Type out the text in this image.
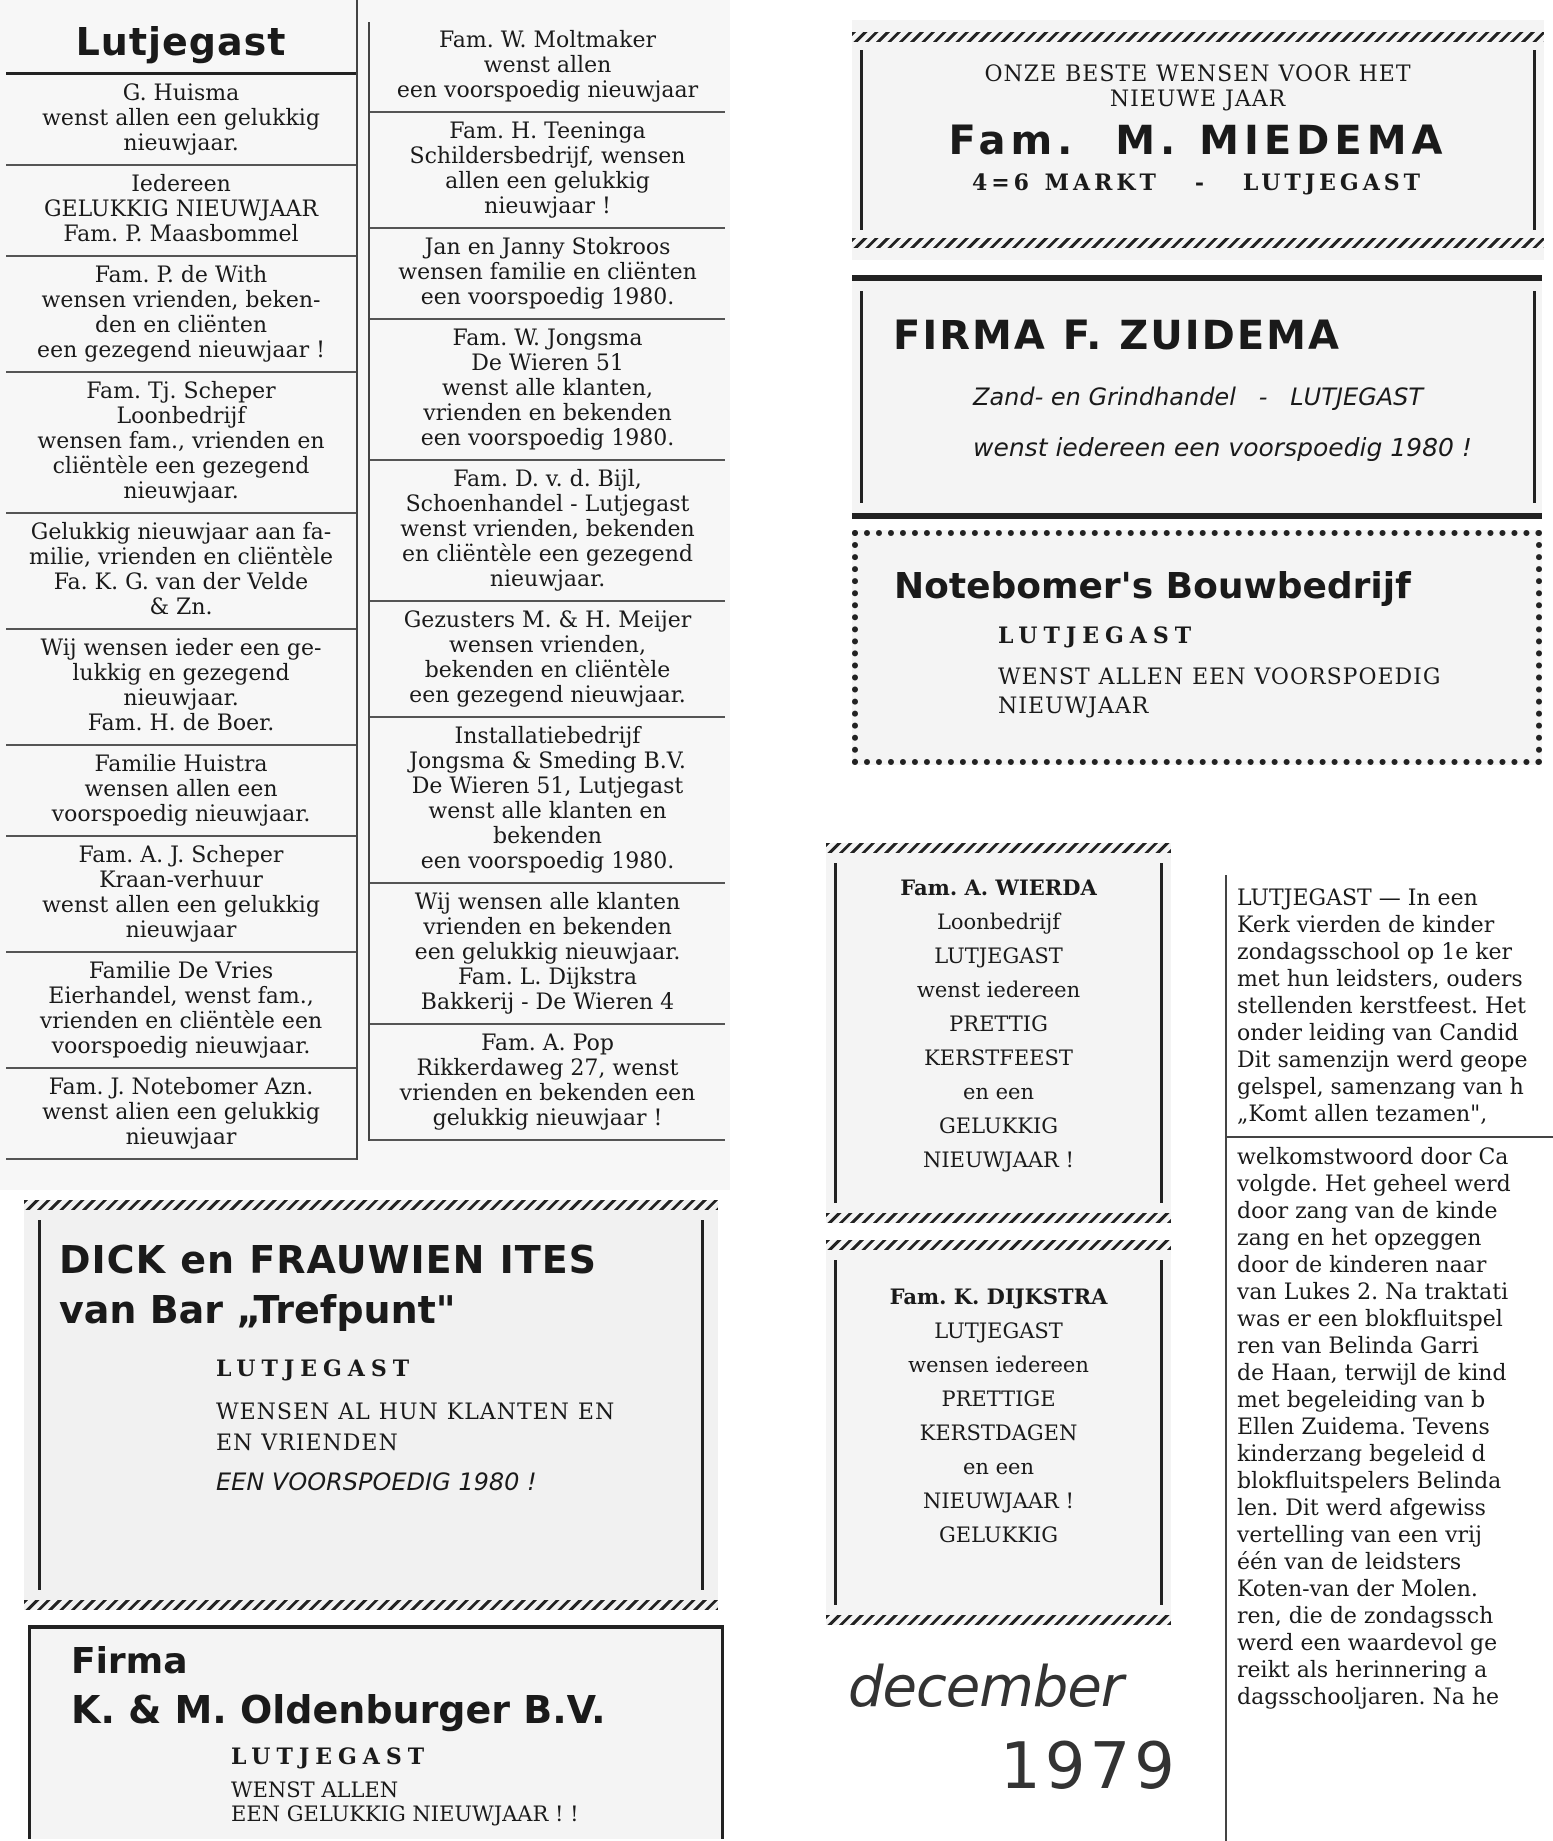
Lutjegast
G. Huisma
wenst allen een gelukkig
nieuwjaar.
Iedereen
GELUKKIG NIEUWJAAR
Fam. P. Maasbommel
Fam. P. de With
wensen vrienden, beken-
den en cliënten
een gezegend nieuwjaar !
Fam. Tj. Scheper
Loonbedrijf
wensen fam., vrienden en
cliëntèle een gezegend
nieuwjaar.
Gelukkig nieuwjaar aan fa-
milie, vrienden en cliëntèle
Fa. K. G. van der Velde
& Zn.
Wij wensen ieder een ge-
lukkig en gezegend
nieuwjaar.
Fam. H. de Boer.
Familie Huistra
wensen allen een
voorspoedig nieuwjaar.
Fam. A. J. Scheper
Kraan-verhuur
wenst allen een gelukkig
nieuwjaar
Familie De Vries
Eierhandel, wenst fam.,
vrienden en cliëntèle een
voorspoedig nieuwjaar.
Fam. J. Notebomer Azn.
wenst alien een gelukkig
nieuwjaar
Fam. W. Moltmaker
wenst allen
een voorspoedig nieuwjaar
Fam. H. Teeninga
Schildersbedrijf, wensen
allen een gelukkig
nieuwjaar !
Jan en Janny Stokroos
wensen familie en cliënten
een voorspoedig 1980.
Fam. W. Jongsma
De Wieren 51
wenst alle klanten,
vrienden en bekenden
een voorspoedig 1980.
Fam. D. v. d. Bijl,
Schoenhandel - Lutjegast
wenst vrienden, bekenden
en cliëntèle een gezegend
nieuwjaar.
Gezusters M. & H. Meijer
wensen vrienden,
bekenden en cliëntèle
een gezegend nieuwjaar.
Installatiebedrijf
Jongsma & Smeding B.V.
De Wieren 51, Lutjegast
wenst alle klanten en
bekenden
een voorspoedig 1980.
Wij wensen alle klanten
vrienden en bekenden
een gelukkig nieuwjaar.
Fam. L. Dijkstra
Bakkerij - De Wieren 4
Fam. A. Pop
Rikkerdaweg 27, wenst
vrienden en bekenden een
gelukkig nieuwjaar !
DICK en FRAUWIEN ITES
van Bar „Trefpunt"
LUTJEGAST
WENSEN AL HUN KLANTEN EN
EN VRIENDEN
EEN VOORSPOEDIG 1980 !
Firma
K. & M. Oldenburger B.V.
LUTJEGAST
WENST ALLEN
EEN GELUKKIG NIEUWJAAR ! !
ONZE BESTE WENSEN VOOR HET
NIEUWE JAAR
Fam.  M. MIEDEMA
4=6 MARKT   -   LUTJEGAST
FIRMA F. ZUIDEMA
Zand- en Grindhandel   -   LUTJEGAST
wenst iedereen een voorspoedig 1980 !
Notebomer's Bouwbedrijf
LUTJEGAST
WENST ALLEN EEN VOORSPOEDIG
NIEUWJAAR
Fam. A. WIERDA
Loonbedrijf
LUTJEGAST
wenst iedereen
PRETTIG
KERSTFEEST
en een
GELUKKIG
NIEUWJAAR !
Fam. K. DIJKSTRA
LUTJEGAST
wensen iedereen
PRETTIGE
KERSTDAGEN
en een
NIEUWJAAR !
GELUKKIG
december
1979

LUTJEGAST — In een

Kerk vierden de kinder

zondagsschool op 1e ker

met hun leidsters, ouders

stellenden kerstfeest. Het

onder leiding van Candid

Dit samenzijn werd geope

gelspel, samenzang van h

„Komt allen tezamen",

welkomstwoord door Ca

volgde. Het geheel werd

door zang van de kinde

zang en het opzeggen

door de kinderen naar

van Lukes 2. Na traktati

was er een blokfluitspel

ren van Belinda Garri

de Haan, terwijl de kind

met begeleiding van b

Ellen Zuidema. Tevens

kinderzang begeleid d

blokfluitspelers Belinda

len. Dit werd afgewiss

vertelling van een vrij

één van de leidsters

Koten-van der Molen.

ren, die de zondagssch

werd een waardevol ge

reikt als herinnering a

dagsschooljaren. Na he
